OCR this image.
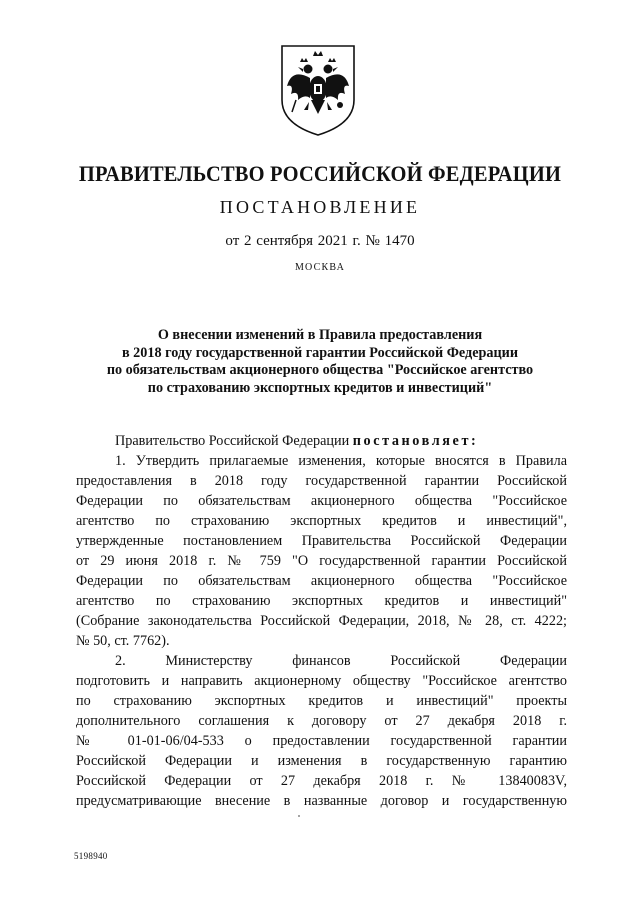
ПРАВИТЕЛЬСТВО РОССИЙСКОЙ ФЕДЕРАЦИИ
ПОСТАНОВЛЕНИЕ
от 2 сентября 2021 г. № 1470
МОСКВА
О внесении изменений в Правила предоставления
в 2018 году государственной гарантии Российской Федерации
по обязательствам акционерного общества "Российское агентство
по страхованию экспортных кредитов и инвестиций"
Правительство Российской Федерации постановляет:
1. Утвердить прилагаемые изменения, которые вносятся в Правила
предоставления в 2018 году государственной гарантии Российской
Федерации по обязательствам акционерного общества "Российское
агентство по страхованию экспортных кредитов и инвестиций",
утвержденные постановлением Правительства Российской Федерации
от 29 июня 2018 г. № 759 "О государственной гарантии Российской
Федерации по обязательствам акционерного общества "Российское
агентство по страхованию экспортных кредитов и инвестиций"
(Собрание законодательства Российской Федерации, 2018, № 28, ст. 4222;
№ 50, ст. 7762).
2. Министерству финансов Российской Федерации
подготовить и направить акционерному обществу "Российское агентство
по страхованию экспортных кредитов и инвестиций" проекты
дополнительного соглашения к договору от 27 декабря 2018 г.
№ 01-01-06/04-533 о предоставлении государственной гарантии
Российской Федерации и изменения в государственную гарантию
Российской Федерации от 27 декабря 2018 г. № 13840083V,
предусматривающие внесение в названные договор и государственную
5198940
